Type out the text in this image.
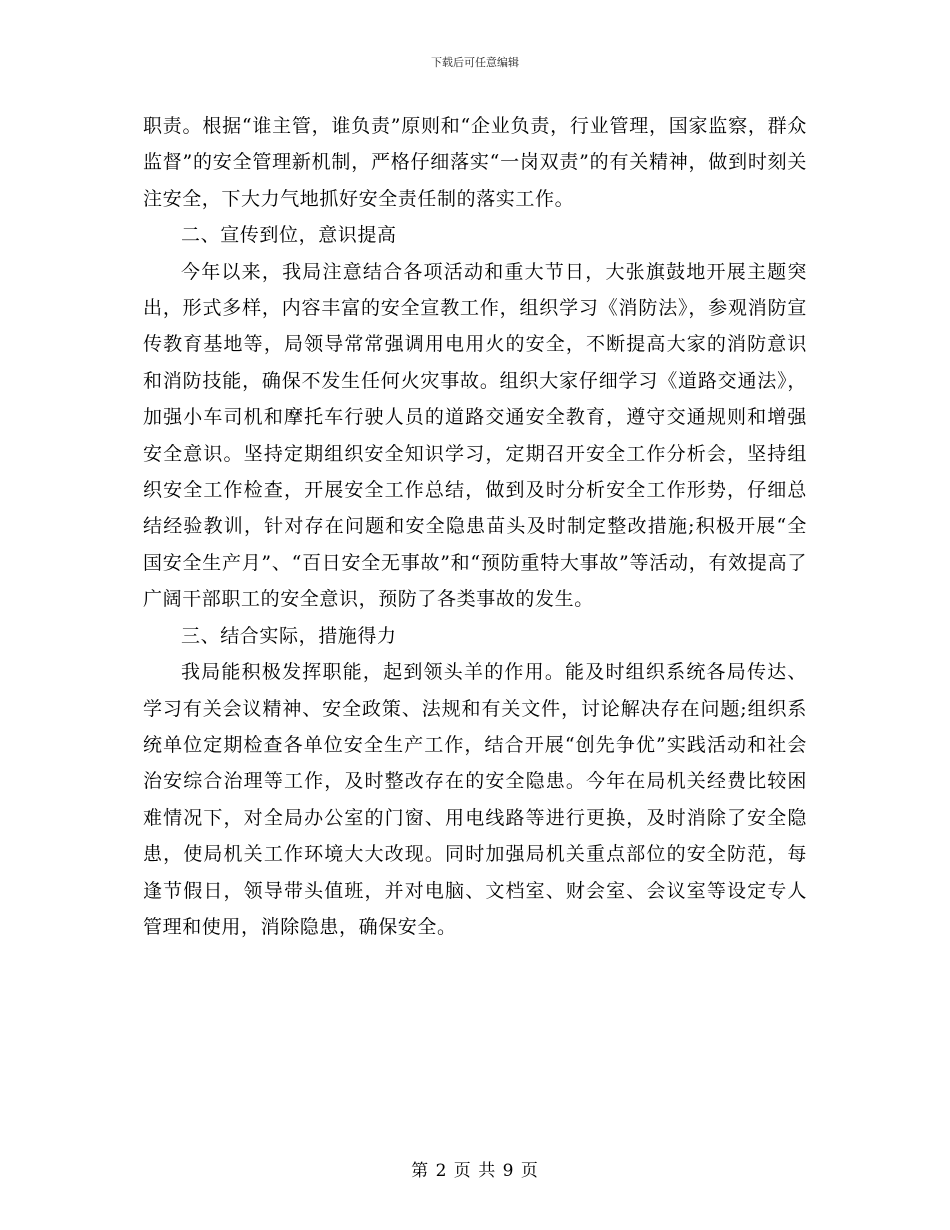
下载后可任意编辑

职责。根据“谁主管，谁负责”原则和“企业负责，行业管理，国家监察，群众监督”的安全管理新机制，严格仔细落实“一岗双责”的有关精神，做到时刻关注安全，下大力气地抓好安全责任制的落实工作。

二、宣传到位，意识提高

今年以来，我局注意结合各项活动和重大节日，大张旗鼓地开展主题突出，形式多样，内容丰富的安全宣教工作，组织学习《消防法》，参观消防宣传教育基地等，局领导常常强调用电用火的安全，不断提高大家的消防意识和消防技能，确保不发生任何火灾事故。组织大家仔细学习《道路交通法》，加强小车司机和摩托车行驶人员的道路交通安全教育，遵守交通规则和增强安全意识。坚持定期组织安全知识学习，定期召开安全工作分析会，坚持组织安全工作检查，开展安全工作总结，做到及时分析安全工作形势，仔细总结经验教训，针对存在问题和安全隐患苗头及时制定整改措施;积极开展“全国安全生产月”、“百日安全无事故”和“预防重特大事故”等活动，有效提高了广阔干部职工的安全意识，预防了各类事故的发生。

三、结合实际，措施得力

我局能积极发挥职能，起到领头羊的作用。能及时组织系统各局传达、学习有关会议精神、安全政策、法规和有关文件，讨论解决存在问题;组织系统单位定期检查各单位安全生产工作，结合开展“创先争优”实践活动和社会治安综合治理等工作，及时整改存在的安全隐患。今年在局机关经费比较困难情况下，对全局办公室的门窗、用电线路等进行更换，及时消除了安全隐患，使局机关工作环境大大改现。同时加强局机关重点部位的安全防范，每逢节假日，领导带头值班，并对电脑、文档室、财会室、会议室等设定专人管理和使用，消除隐患，确保安全。

第 2 页 共 9 页
